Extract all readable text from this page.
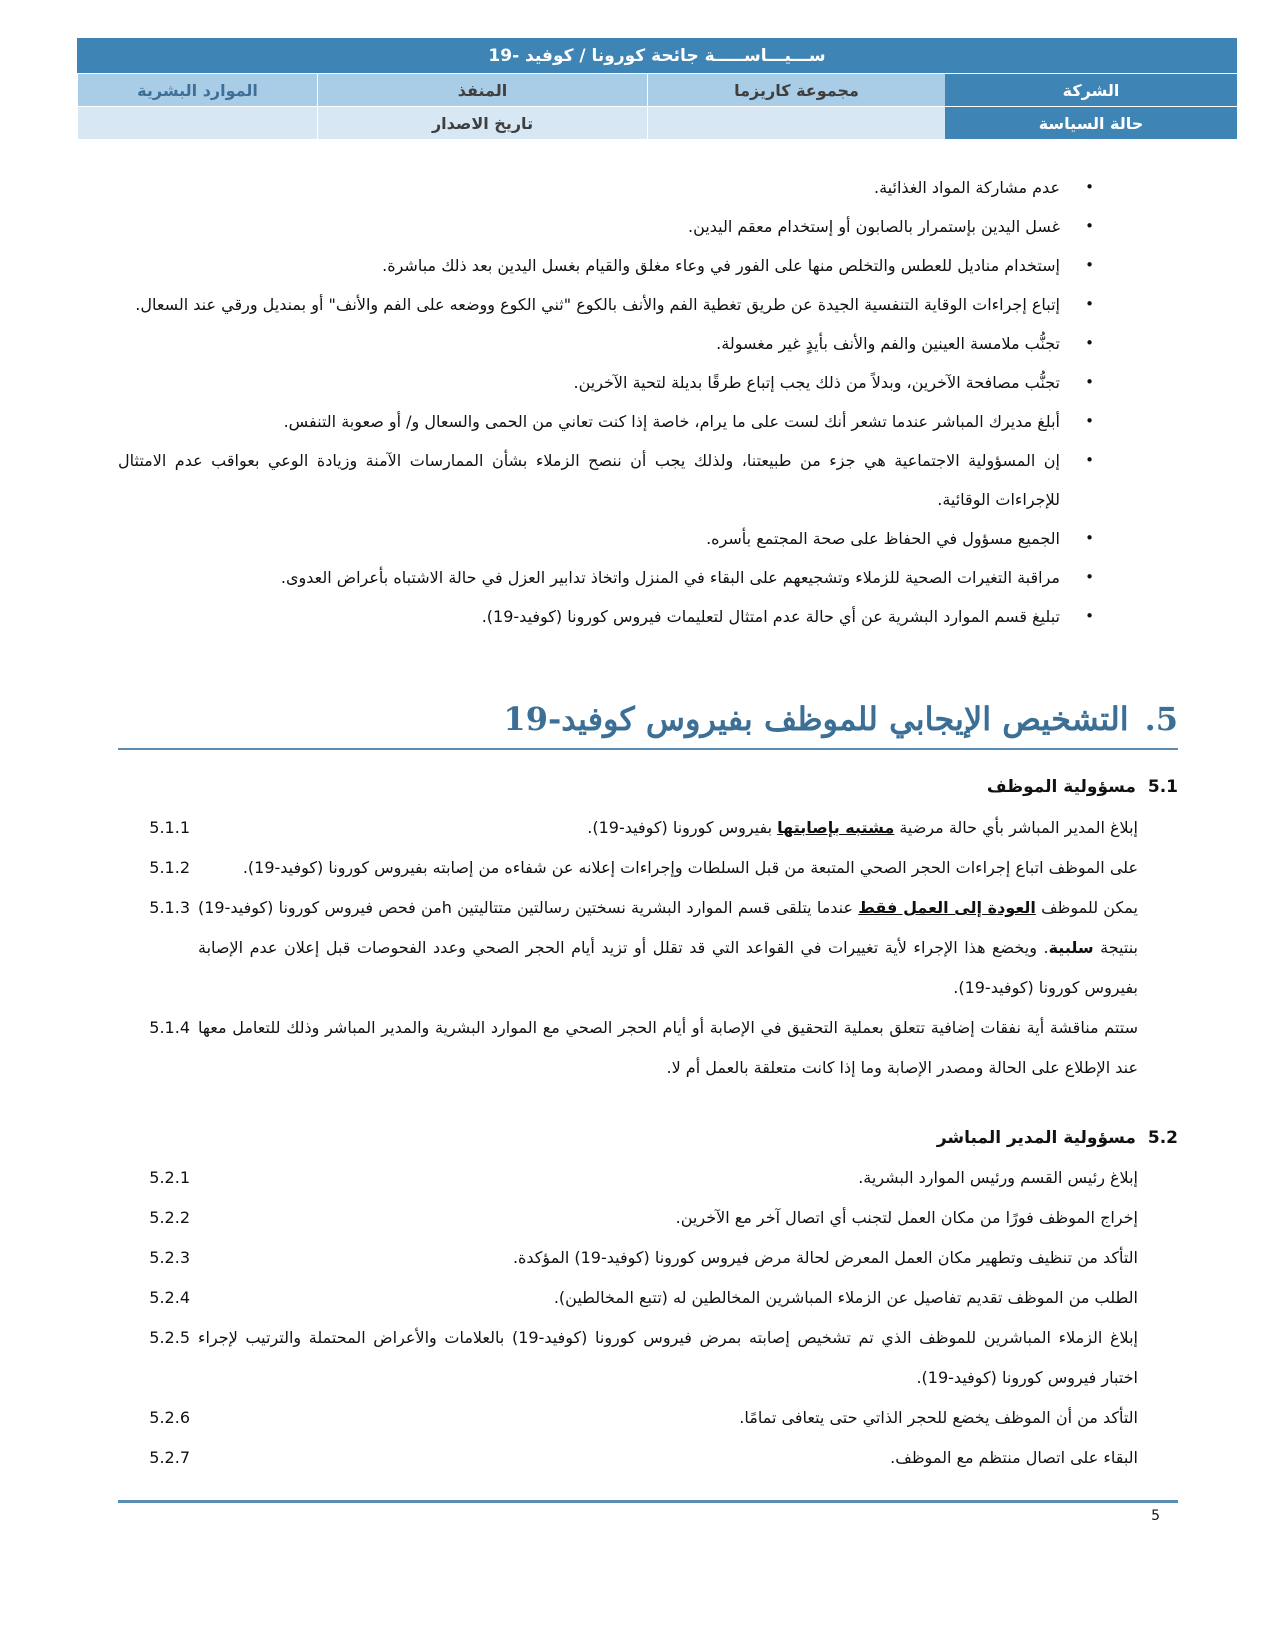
ســـيـــاســـــة جائحة كورونا / كوفيد -19
الشركة
مجموعة كاريزما
المنفذ
الموارد البشرية
حالة السياسة
تاريخ الاصدار
• عدم مشاركة المواد الغذائية.
• غسل اليدين بإستمرار بالصابون أو إستخدام معقم اليدين.
• إستخدام مناديل للعطس والتخلص منها على الفور في وعاء مغلق والقيام بغسل اليدين بعد ذلك مباشرة.
• إتباع إجراءات الوقاية التنفسية الجيدة عن طريق تغطية الفم والأنف بالكوع "ثني الكوع ووضعه على الفم والأنف" أو بمنديل ورقي عند السعال.
• تجنُّب ملامسة العينين والفم والأنف بأيدٍ غير مغسولة.
• تجنُّب مصافحة الآخرين، وبدلاً من ذلك يجب إتباع طرقًا بديلة لتحية الآخرين.
• أبلغ مديرك المباشر عندما تشعر أنك لست على ما يرام، خاصة إذا كنت تعاني من الحمى والسعال و/ أو صعوبة التنفس.
• إن المسؤولية الاجتماعية هي جزء من طبيعتنا، ولذلك يجب أن ننصح الزملاء بشأن الممارسات الآمنة وزيادة الوعي بعواقب عدم الامتثال للإجراءات الوقائية.
• الجميع مسؤول في الحفاظ على صحة المجتمع بأسره.
• مراقبة التغيرات الصحية للزملاء وتشجيعهم على البقاء في المنزل واتخاذ تدابير العزل في حالة الاشتباه بأعراض العدوى.
• تبليغ قسم الموارد البشرية عن أي حالة عدم امتثال لتعليمات فيروس كورونا (كوفيد-19).
5.
التشخيص الإيجابي للموظف بفيروس كوفيد-19
5.1 مسؤولية الموظف
إبلاغ المدير المباشر بأي حالة مرضية مشتبه بإصابتها بفيروس كورونا (كوفيد-19).
5.1.1
على الموظف اتباع إجراءات الحجر الصحي المتبعة من قبل السلطات وإجراءات إعلانه عن شفاءه من إصابته بفيروس كورونا (كوفيد-19).
5.1.2
يمكن للموظف العودة إلى العمل فقط عندما يتلقى قسم الموارد البشرية نسختين رسالتين متتاليتين hمن فحص فيروس كورونا (كوفيد-19) بنتيجة سلبية. ويخضع هذا الإجراء لأية تغييرات في القواعد التي قد تقلل أو تزيد أيام الحجر الصحي وعدد الفحوصات قبل إعلان عدم الإصابة بفيروس كورونا (كوفيد-19).
5.1.3
ستتم مناقشة أية نفقات إضافية تتعلق بعملية التحقيق في الإصابة أو أيام الحجر الصحي مع الموارد البشرية والمدير المباشر وذلك للتعامل معها عند الإطلاع على الحالة ومصدر الإصابة وما إذا كانت متعلقة بالعمل أم لا.
5.1.4
5.2 مسؤولية المدير المباشر
إبلاغ رئيس القسم ورئيس الموارد البشرية.
5.2.1
إخراج الموظف فورًا من مكان العمل لتجنب أي اتصال آخر مع الآخرين.
5.2.2
التأكد من تنظيف وتطهير مكان العمل المعرض لحالة مرض فيروس كورونا (كوفيد-19) المؤكدة.
5.2.3
الطلب من الموظف تقديم تفاصيل عن الزملاء المباشرين المخالطين له (تتبع المخالطين).
5.2.4
إبلاغ الزملاء المباشرين للموظف الذي تم تشخيص إصابته بمرض فيروس كورونا (كوفيد-19) بالعلامات والأعراض المحتملة والترتيب لإجراء اختبار فيروس كورونا (كوفيد-19).
5.2.5
التأكد من أن الموظف يخضع للحجر الذاتي حتى يتعافى تمامًا.
5.2.6
البقاء على اتصال منتظم مع الموظف.
5.2.7
5
